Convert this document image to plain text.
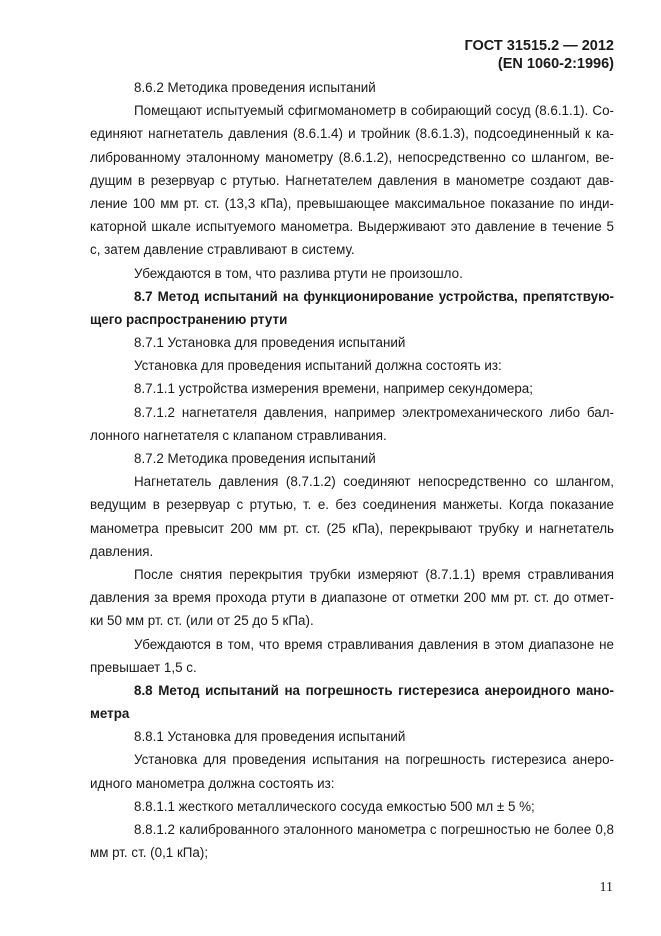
ГОСТ 31515.2 — 2012
(EN 1060-2:1996)
8.6.2 Методика проведения испытаний
Помещают испытуемый сфигмоманометр в собирающий сосуд (8.6.1.1). Со-
единяют нагнетатель давления (8.6.1.4) и тройник (8.6.1.3), подсоединенный к ка-
либрованному эталонному манометру (8.6.1.2), непосредственно со шлангом, ве-
дущим в резервуар с ртутью. Нагнетателем давления в манометре создают дав-
ление 100 мм рт. ст. (13,3 кПа), превышающее максимальное показание по инди-
каторной шкале испытуемого манометра. Выдерживают это давление в течение 5
с, затем давление стравливают в систему.
Убеждаются в том, что разлива ртути не произошло.
8.7 Метод испытаний на функционирование устройства, препятствую-
щего распространению ртути
8.7.1 Установка для проведения испытаний
Установка для проведения испытаний должна состоять из:
8.7.1.1 устройства измерения времени, например секундомера;
8.7.1.2 нагнетателя давления, например электромеханического либо бал-
лонного нагнетателя с клапаном стравливания.
8.7.2 Методика проведения испытаний
Нагнетатель давления (8.7.1.2) соединяют непосредственно со шлангом,
ведущим в резервуар с ртутью, т. е. без соединения манжеты. Когда показание
манометра превысит 200 мм рт. ст. (25 кПа), перекрывают трубку и нагнетатель
давления.
После снятия перекрытия трубки измеряют (8.7.1.1) время стравливания
давления за время прохода ртути в диапазоне от отметки 200 мм рт. ст. до отмет-
ки 50 мм рт. ст. (или от 25 до 5 кПа).
Убеждаются в том, что время стравливания давления в этом диапазоне не
превышает 1,5 с.
8.8 Метод испытаний на погрешность гистерезиса анероидного мано-
метра
8.8.1 Установка для проведения испытаний
Установка для проведения испытания на погрешность гистерезиса анеро-
идного манометра должна состоять из:
8.8.1.1 жесткого металлического сосуда емкостью 500 мл ± 5 %;
8.8.1.2 калиброванного эталонного манометра с погрешностью не более 0,8
мм рт. ст. (0,1 кПа);
11
